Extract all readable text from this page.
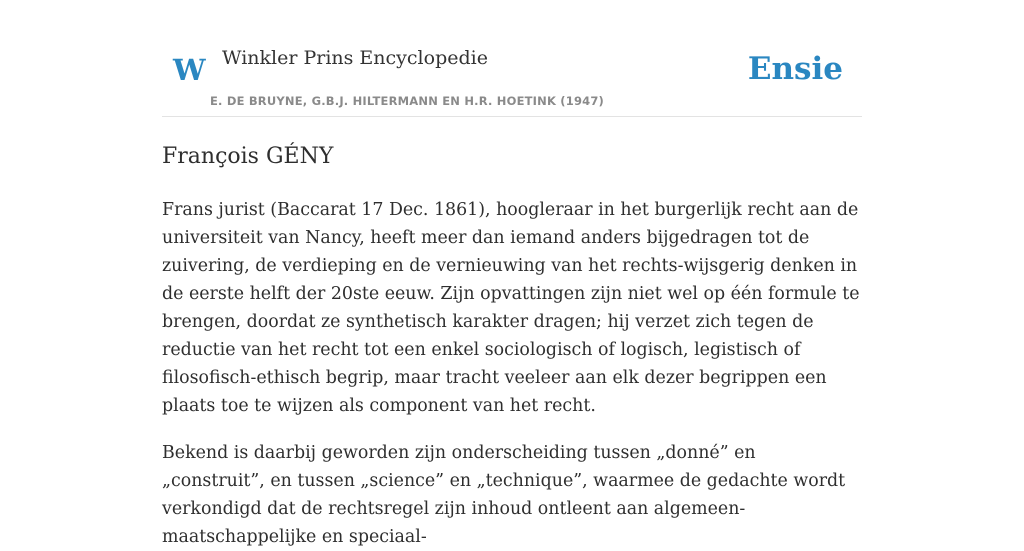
W Winkler Prins Encyclopedie
E. DE BRUYNE, G.B.J. HILTERMANN EN H.R. HOETINK (1947)
Ensie
François GÉNY

Frans jurist (Baccarat 17 Dec. 1861), hoogleraar in het burgerlijk recht aan de universiteit van Nancy, heeft meer dan iemand anders bijgedragen tot de zuivering, de verdieping en de vernieuwing van het rechts-wijsgerig denken in de eerste helft der 20ste eeuw. Zijn opvattingen zijn niet wel op één formule te brengen, doordat ze synthetisch karakter dragen; hij verzet zich tegen de reductie van het recht tot een enkel sociologisch of logisch, legistisch of filosofisch-ethisch begrip, maar tracht veeleer aan elk dezer begrippen een plaats toe te wijzen als component van het recht.

Bekend is daarbij geworden zijn onderscheiding tussen „donné” en „construit”, en tussen „science” en „technique”, waarmee de gedachte wordt verkondigd dat de rechtsregel zijn inhoud ontleent aan algemeen-maatschappelijke en speciaal-
